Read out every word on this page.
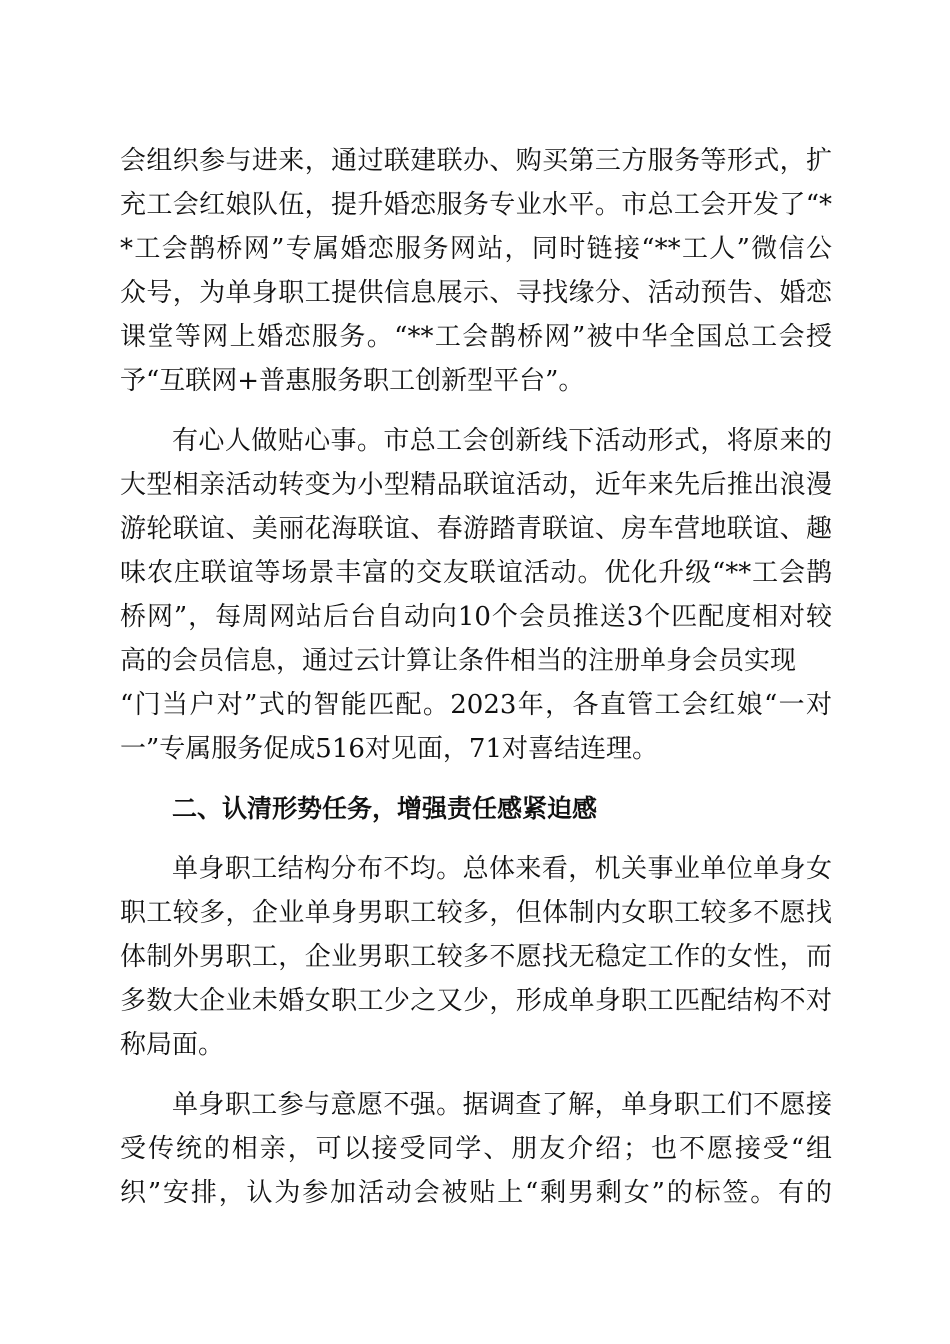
会组织参与进来，通过联建联办、购买第三方服务等形式，扩
充工会红娘队伍，提升婚恋服务专业水平。市总工会开发了“*
*工会鹊桥网”专属婚恋服务网站，同时链接“**工人”微信公
众号，为单身职工提供信息展示、寻找缘分、活动预告、婚恋
课堂等网上婚恋服务。“**工会鹊桥网”被中华全国总工会授
予“互联网+普惠服务职工创新型平台”。
有心人做贴心事。市总工会创新线下活动形式，将原来的
大型相亲活动转变为小型精品联谊活动，近年来先后推出浪漫
游轮联谊、美丽花海联谊、春游踏青联谊、房车营地联谊、趣
味农庄联谊等场景丰富的交友联谊活动。优化升级“**工会鹊
桥网”，每周网站后台自动向10个会员推送3个匹配度相对较
高的会员信息，通过云计算让条件相当的注册单身会员实现
“门当户对”式的智能匹配。2023年，各直管工会红娘“一对
一”专属服务促成516对见面，71对喜结连理。
二、认清形势任务，增强责任感紧迫感
单身职工结构分布不均。总体来看，机关事业单位单身女
职工较多，企业单身男职工较多，但体制内女职工较多不愿找
体制外男职工，企业男职工较多不愿找无稳定工作的女性，而
多数大企业未婚女职工少之又少，形成单身职工匹配结构不对
称局面。
单身职工参与意愿不强。据调查了解，单身职工们不愿接
受传统的相亲，可以接受同学、朋友介绍；也不愿接受“组
织”安排，认为参加活动会被贴上“剩男剩女”的标签。有的
